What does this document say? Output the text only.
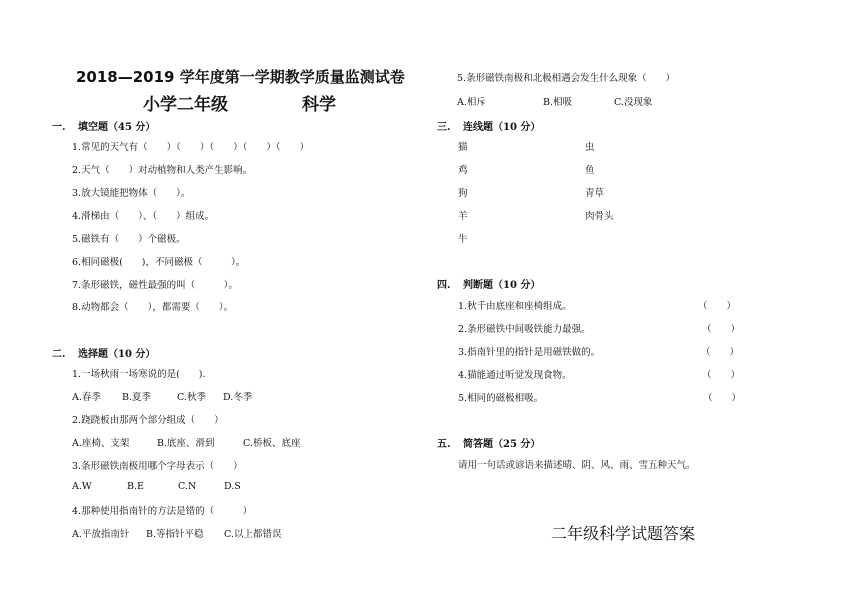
2018—2019 学年度第一学期教学质量监测试卷
小学二年级	科学
一. 填空题（45 分）
1.常见的天气有（　　）（　　）（　　）（　　）（　　）
2.天气（　　）对动植物和人类产生影响。
3.放大镜能把物体（　　）。
4.滑梯由（　　）、（　　）组成。
5.磁铁有（　　）个磁极。
6.相同磁极(　　)，不同磁极（　　　）。
7.条形磁铁，磁性最强的叫（　　　）。
8.动物都会（　　），都需要（　　）。
二. 选择题（10 分）
1.一场秋雨一场寒说的是(　　).
A.春季 B.夏季	C.秋季 D.冬季
2.跷跷板由那两个部分组成（　　）
A.座椅、支架	B.底座、滑到	C.桥板、底座
3.条形磁铁南极用哪个字母表示（　　）
A.W	B.E	C.N	D.S
4.那种使用指南针的方法是错的（　　　）
A.平放指南针 B.等指针平稳 C.以上都错误
5.条形磁铁南极和北极相遇会发生什么现象（　　）
A.相斥	B.相吸	C.没现象
三. 连线题（10 分）
猫
鸡
狗
羊
牛
虫
鱼
青草
肉骨头
四. 判断题（10 分）
1.秋千由底座和座椅组成。	（　　）
2.条形磁铁中间吸铁能力最强。	（　　）
3.指南针里的指针是用磁铁做的。	（　　）
4.猫能通过听觉发现食物。	（　　）
5.相同的磁极相吸。	（　　）
五. 简答题（25 分）
请用一句话或谚语来描述晴、阴、风、雨、雪五种天气。
二年级科学试题答案
